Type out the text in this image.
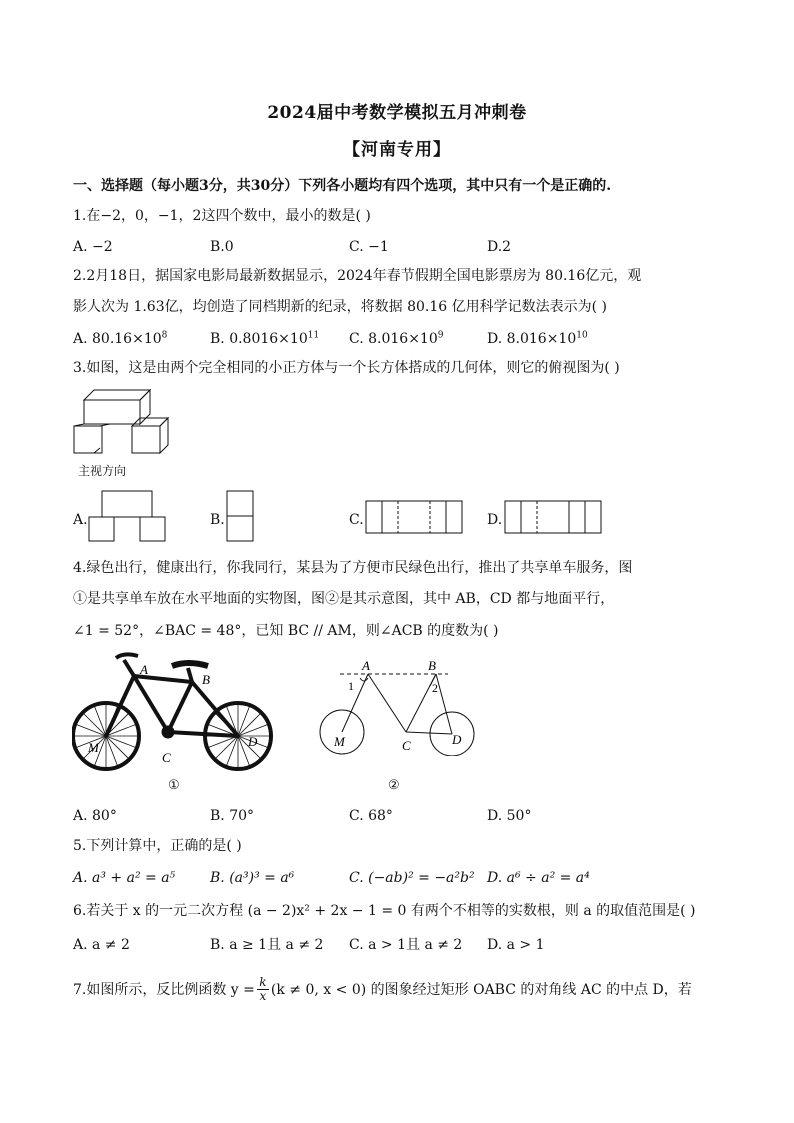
2024届中考数学模拟五月冲刺卷
【河南专用】
一、选择题（每小题3分，共30分）下列各小题均有四个选项，其中只有一个是正确的.
1.在−2，0，−1，2这四个数中，最小的数是( )
A. −2	B.0	C. −1	D.2
2.2月18日，据国家电影局最新数据显示，2024年春节假期全国电影票房为 80.16亿元，观
影人次为 1.63亿，均创造了同档期新的纪录，将数据 80.16 亿用科学记数法表示为( )
A. $80.16\times 10^8$	B. $0.8016\times 10^{11}$ C. $8.016\times 10^9$	D. $8.016\times 10^{10}$
3.如图，这是由两个完全相同的小正方体与一个长方体搭成的几何体，则它的俯视图为( )
主视方向
A.	B.	C.	D.
4.绿色出行，健康出行，你我同行，某县为了方便市民绿色出行，推出了共享单车服务，图
①是共享单车放在水平地面的实物图，图②是其示意图，其中 AB，CD 都与地面平行，
∠1 = 52°，∠BAC = 48°，已知 BC // AM，则∠ACB 的度数为( )
A
B
C
D
M
①
A	B
C	D
M
1	2
②
A. 80°	B. 70°	C. 68°	D. 50°
5.下列计算中，正确的是( )
A. a³ + a² = a⁵ B. (a³)³ = a⁶	C. (−ab)² = −a²b² D. a⁶ ÷ a² = a⁴
6.若关于 x 的一元二次方程 (a − 2)x² + 2x − 1 = 0 有两个不相等的实数根，则 a 的取值范围是( )
A. a ≠ 2	B. a ≥ 1且 a ≠ 2 C. a > 1且 a ≠ 2 D. a > 1
7.如图所示，反比例函数 y = k
x (k ≠ 0, x < 0) 的图象经过矩形 OABC 的对角线 AC 的中点 D，若
